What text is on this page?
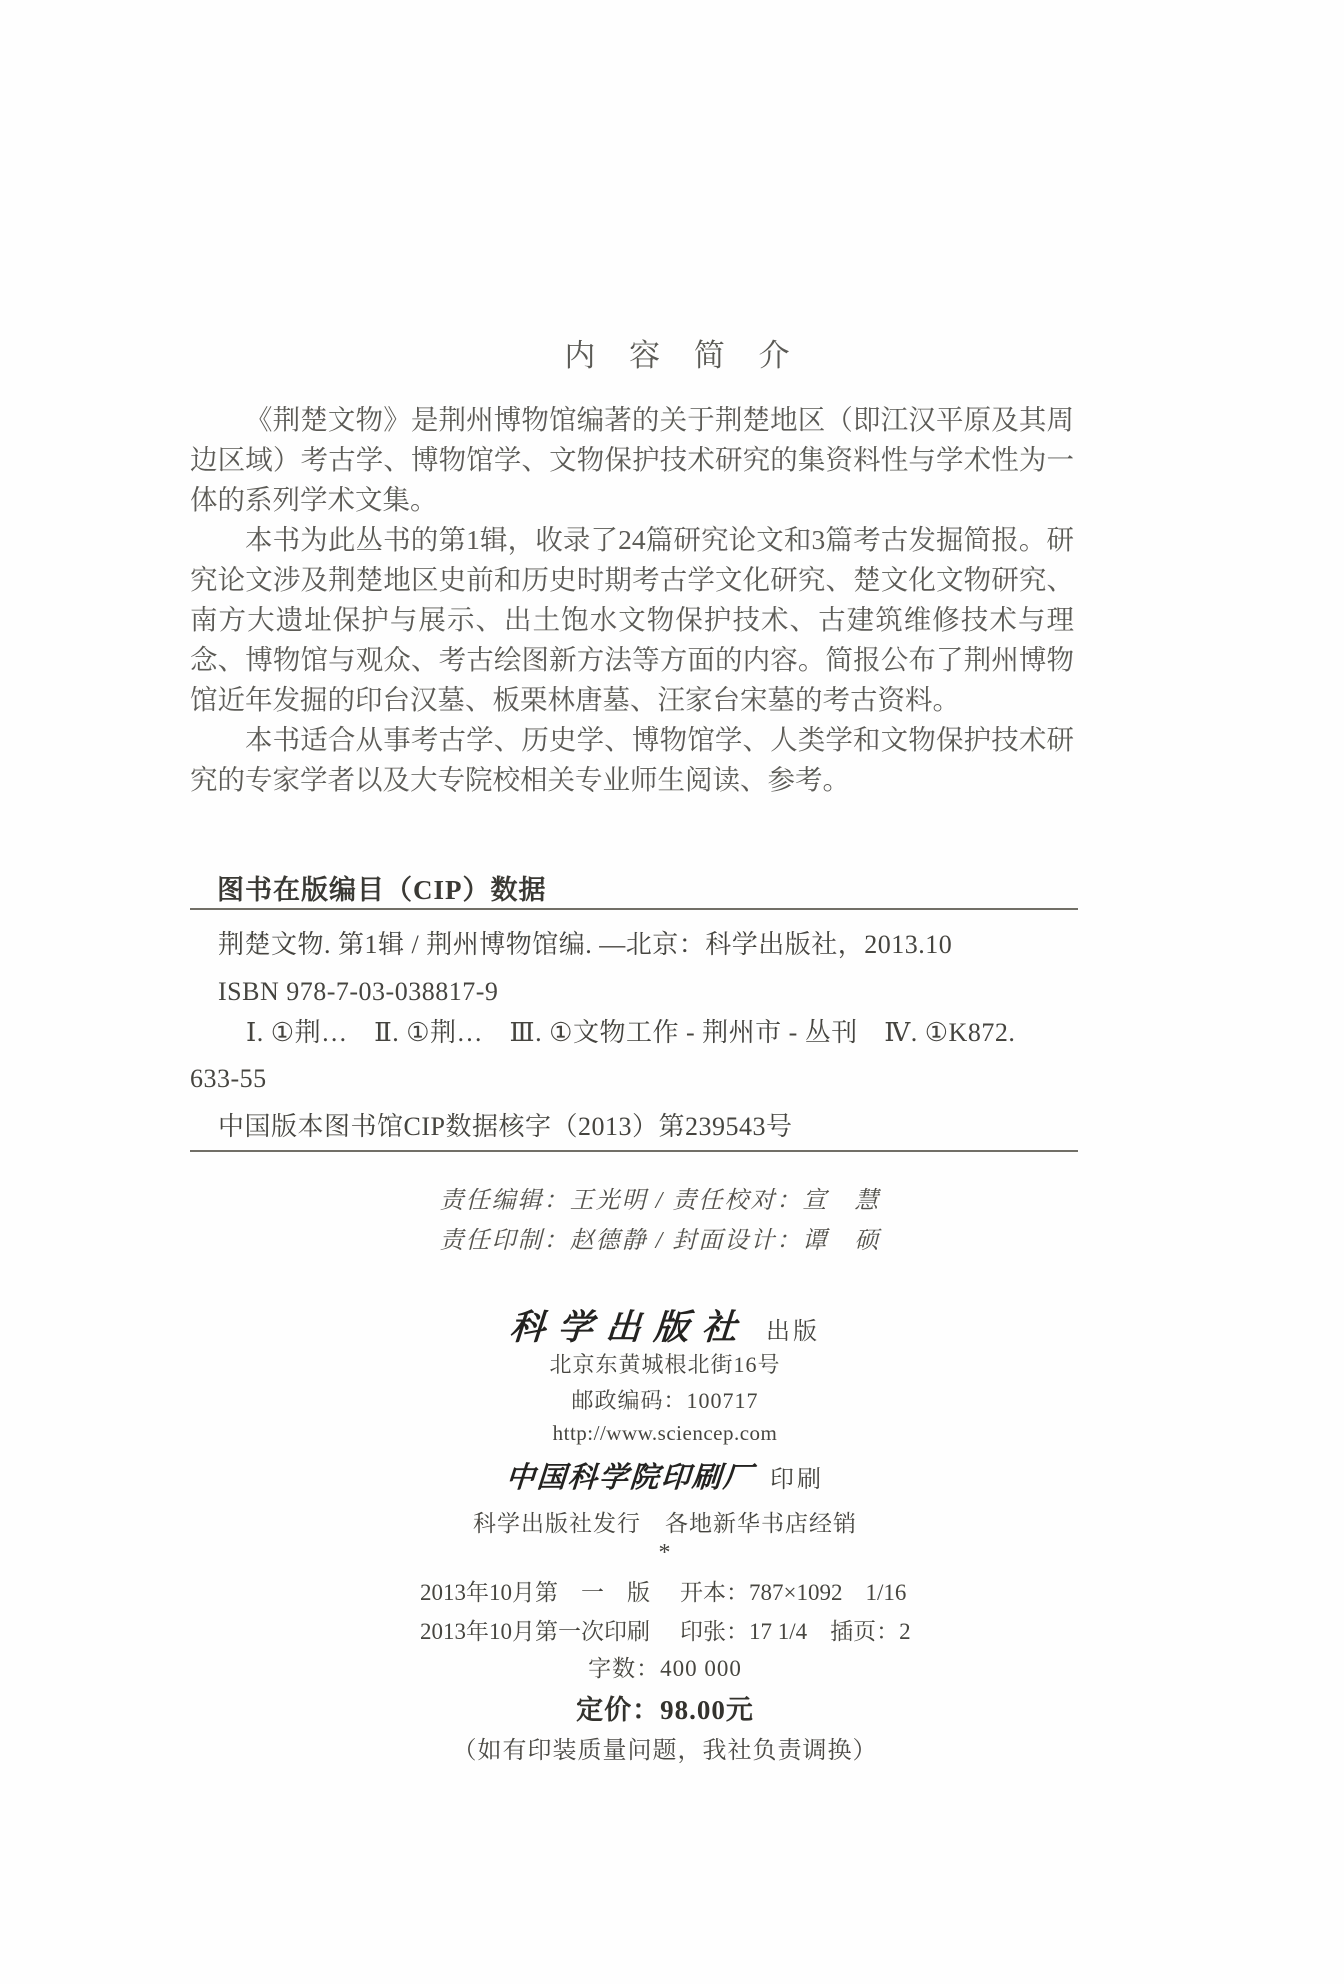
内 容 简 介
《荆楚文物》是荆州博物馆编著的关于荆楚地区（即江汉平原及其周
边区域）考古学、博物馆学、文物保护技术研究的集资料性与学术性为一
体的系列学术文集。
本书为此丛书的第1辑，收录了24篇研究论文和3篇考古发掘简报。研
究论文涉及荆楚地区史前和历史时期考古学文化研究、楚文化文物研究、
南方大遗址保护与展示、出土饱水文物保护技术、古建筑维修技术与理
念、博物馆与观众、考古绘图新方法等方面的内容。简报公布了荆州博物
馆近年发掘的印台汉墓、板栗林唐墓、汪家台宋墓的考古资料。
本书适合从事考古学、历史学、博物馆学、人类学和文物保护技术研
究的专家学者以及大专院校相关专业师生阅读、参考。
图书在版编目（CIP）数据
荆楚文物. 第1辑 / 荆州博物馆编. —北京：科学出版社，2013.10
ISBN 978-7-03-038817-9
Ⅰ. ①荆…　Ⅱ. ①荆…　Ⅲ. ①文物工作 - 荆州市 - 丛刊　Ⅳ. ①K872.
633-55
中国版本图书馆CIP数据核字（2013）第239543号
责任编辑：王光明 / 责任校对：宣　慧
责任印制：赵德静 / 封面设计：谭　硕
科学出版社 出版
北京东黄城根北街16号
邮政编码：100717
http://www.sciencep.com
中国科学院印刷厂 印刷
科学出版社发行　各地新华书店经销
*
2013年10月第　一　版 开本：787×1092　1/16
2013年10月第一次印刷 印张：17 1/4　插页：2
字数：400 000
定价：98.00元
（如有印装质量问题，我社负责调换）
